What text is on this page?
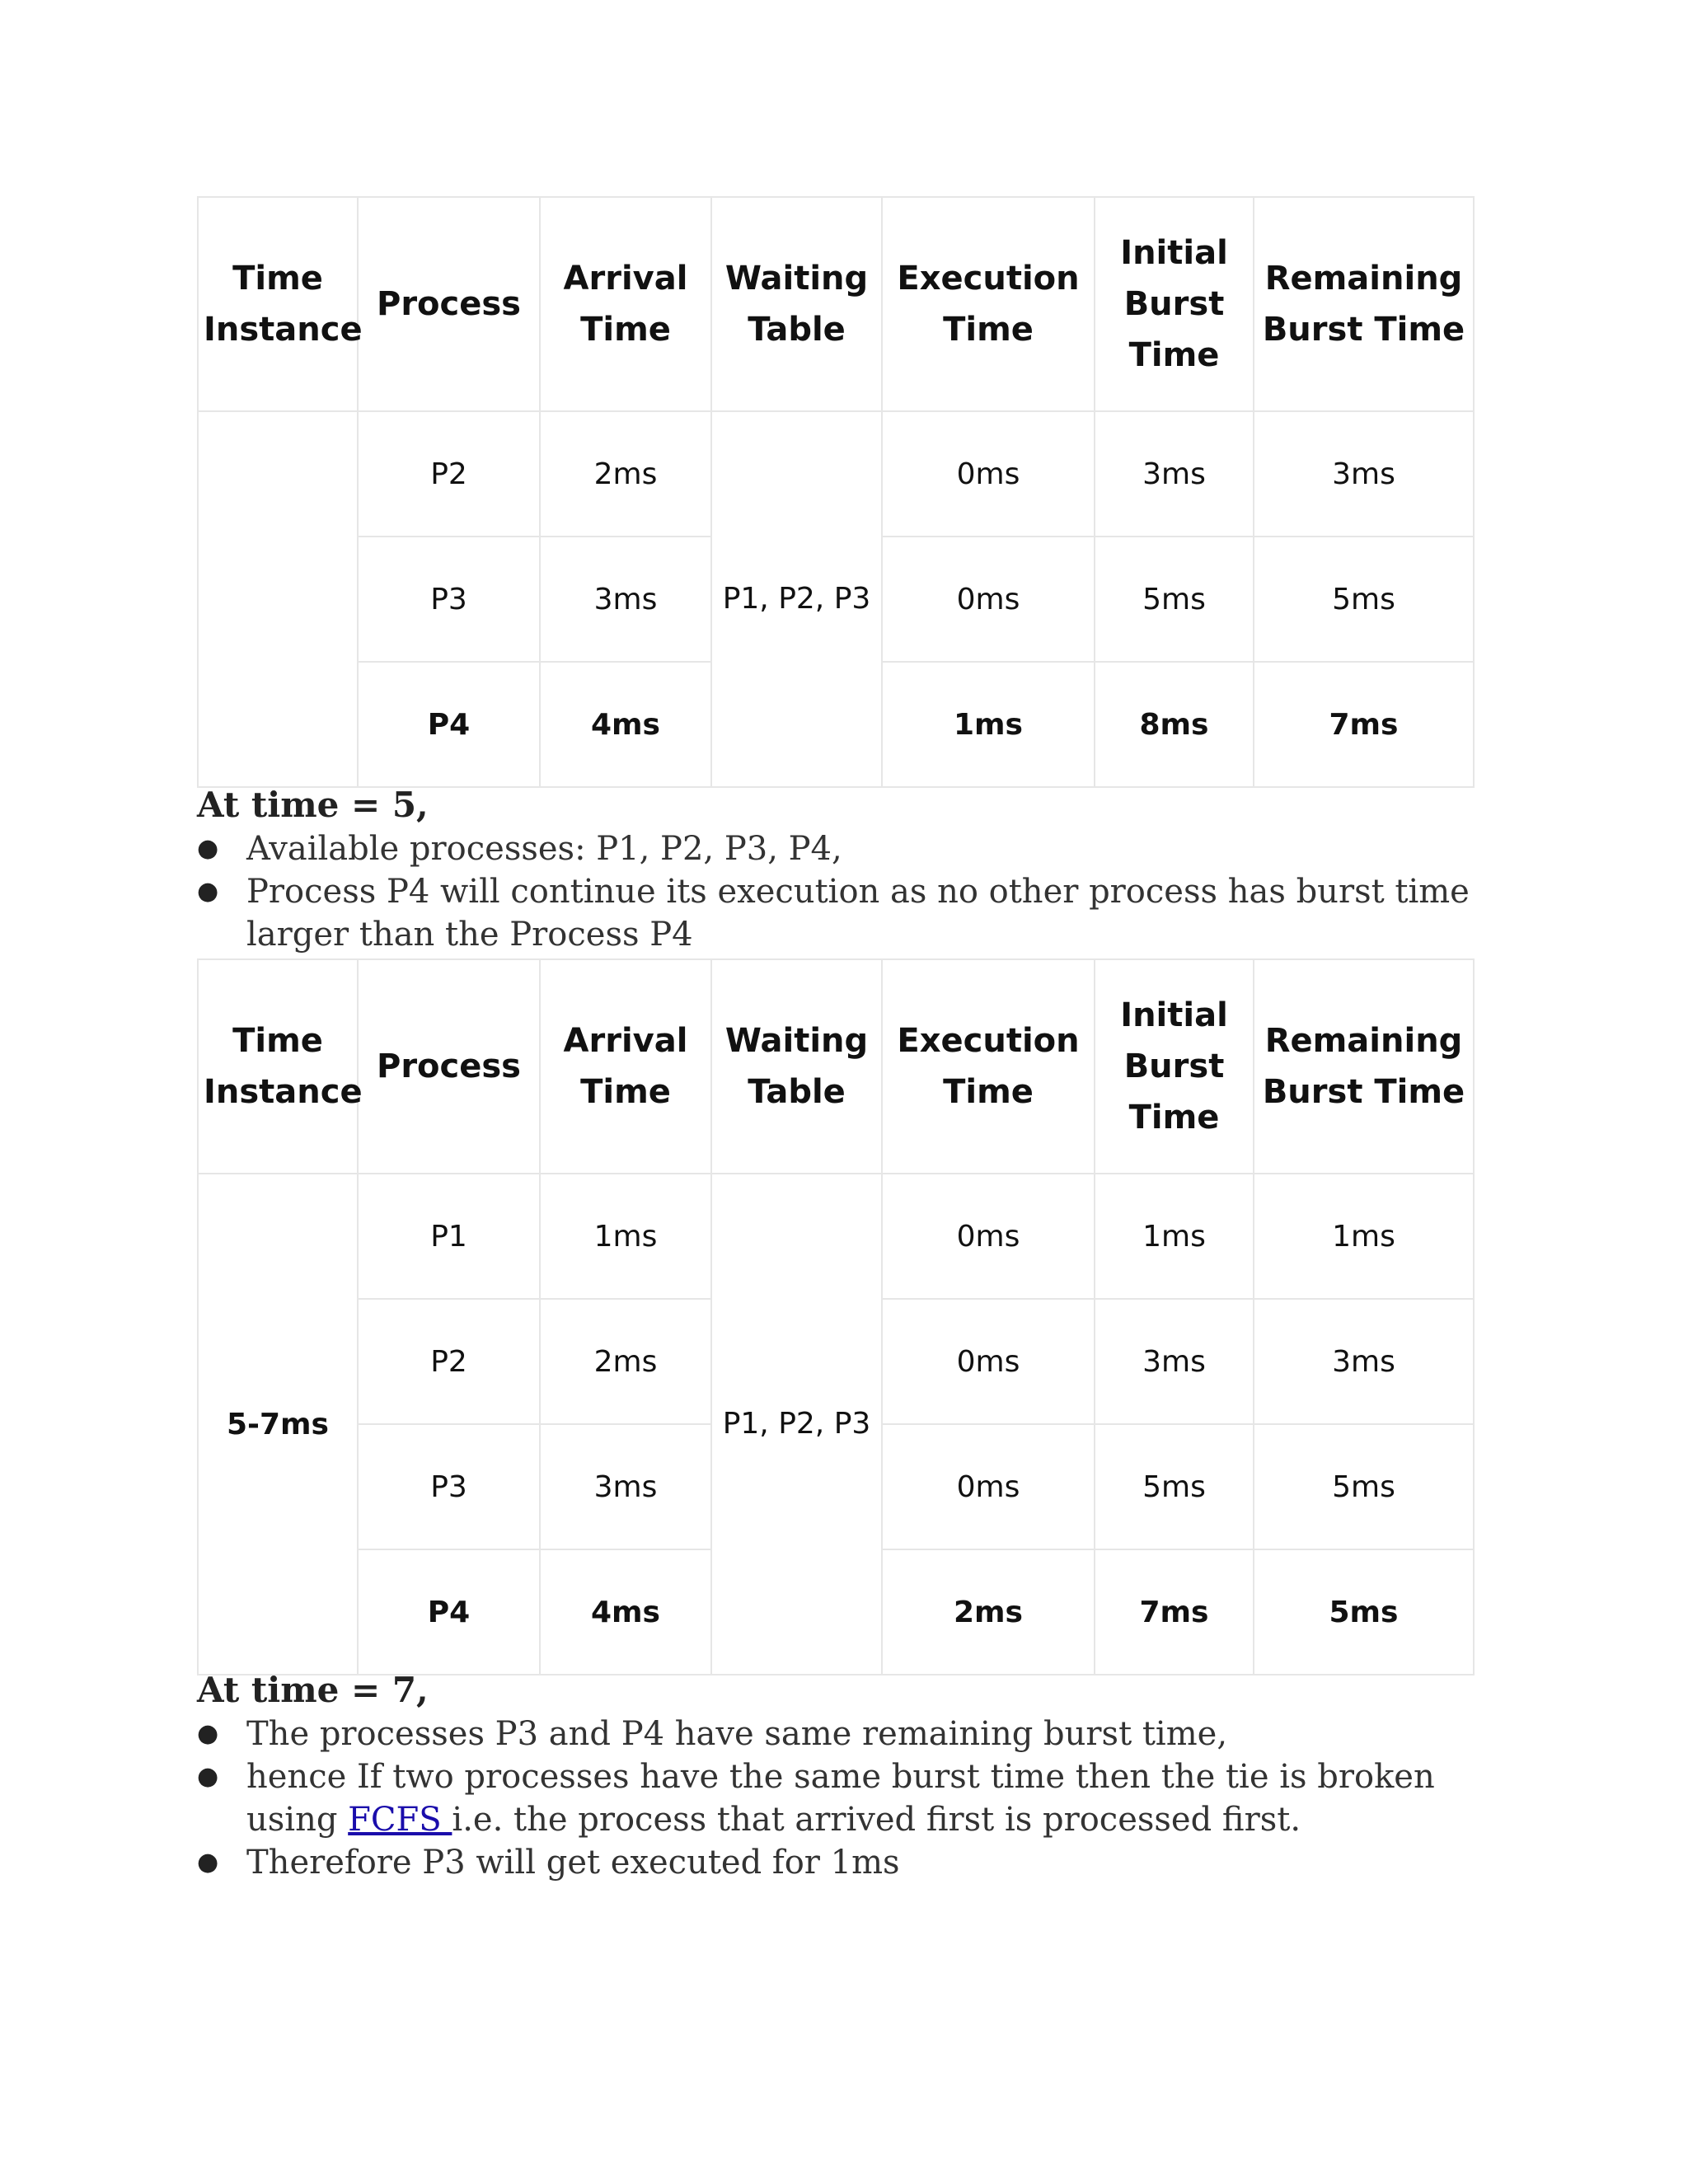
Time Instance	Process	Arrival Time	Waiting Table	Execution Time	Initial Burst Time	Remaining Burst Time
	P2	2ms	P1, P2, P3	0ms	3ms	3ms
	P3	3ms		0ms	5ms	5ms
	P4	4ms		1ms	8ms	7ms

At time = 5,

● Available processes: P1, P2, P3, P4,
● Process P4 will continue its execution as no other process has burst time larger than the Process P4
Time Instance	Process	Arrival Time	Waiting Table	Execution Time	Initial Burst Time	Remaining Burst Time
5-7ms	P1	1ms	P1, P2, P3	0ms	1ms	1ms
	P2	2ms		0ms	3ms	3ms
	P3	3ms		0ms	5ms	5ms
	P4	4ms		2ms	7ms	5ms

At time = 7,

● The processes P3 and P4 have same remaining burst time,
● hence If two processes have the same burst time then the tie is broken using FCFS i.e. the process that arrived first is processed first.
● Therefore P3 will get executed for 1ms
